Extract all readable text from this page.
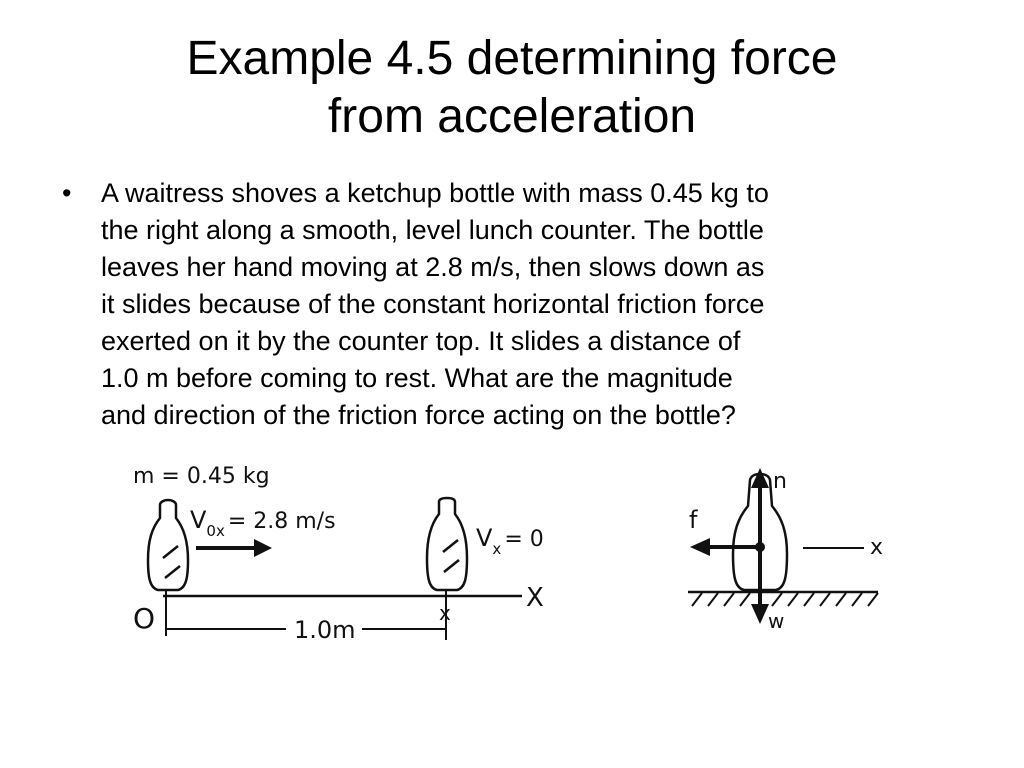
Example 4.5 determining force
from acceleration
• A waitress shoves a ketchup bottle with mass 0.45 kg to
the right along a smooth, level lunch counter. The bottle
leaves her hand moving at 2.8 m/s, then slows down as
it slides because of the constant horizontal friction force
exerted on it by the counter top. It slides a distance of
1.0 m before coming to rest. What are the magnitude
and direction of the friction force acting on the bottle?
m = 0.45 kg
$V_{0x} = 2.8$ m/s
$V_x = 0$
X
O	x
1.0m
n
w
f
x
